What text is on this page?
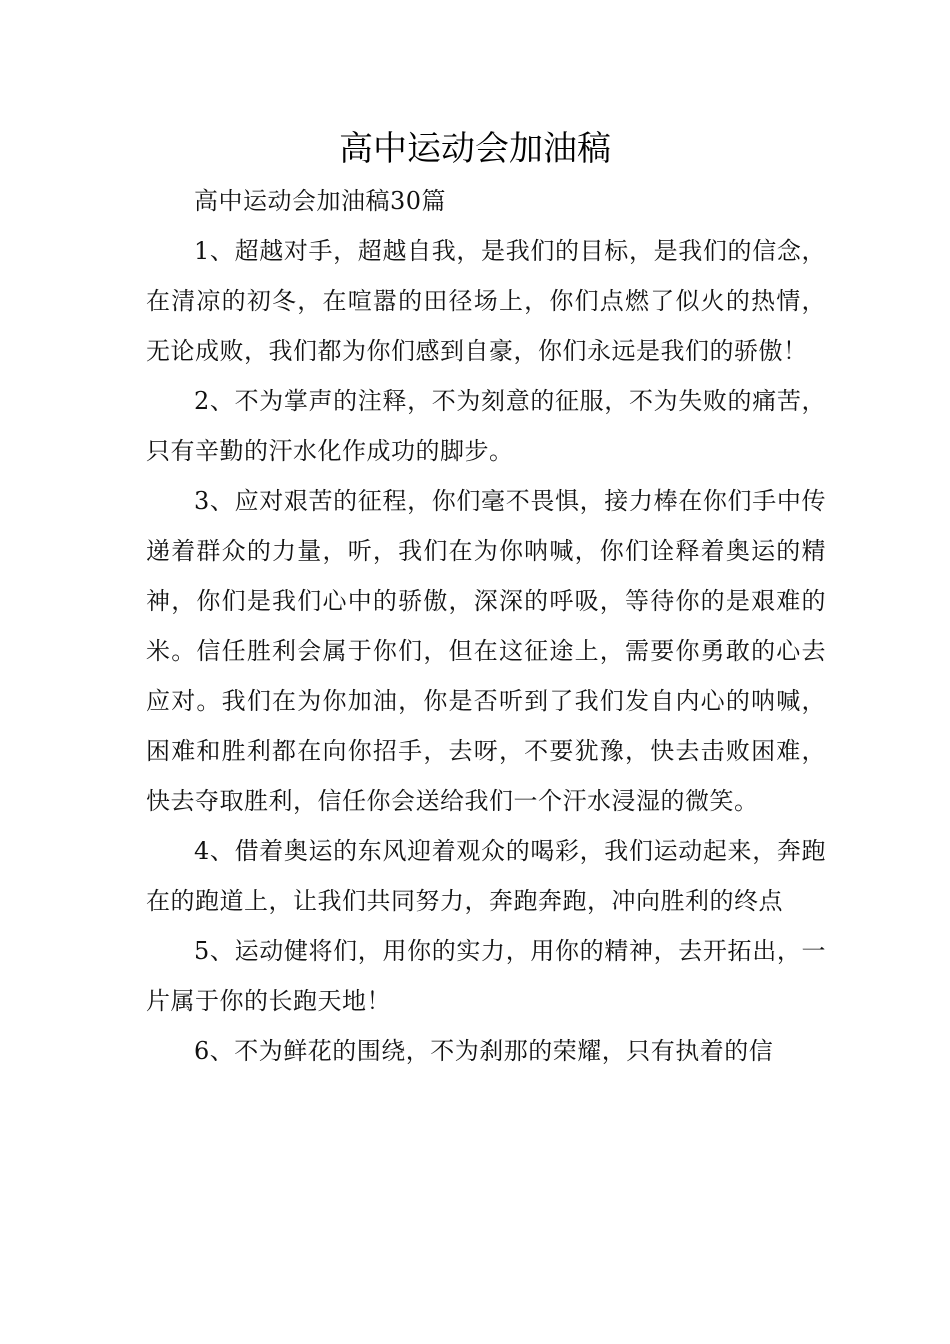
高中运动会加油稿

高中运动会加油稿30篇

1、超越对手，超越自我，是我们的目标，是我们的信念，在清凉的初冬，在喧嚣的田径场上，你们点燃了似火的热情，无论成败，我们都为你们感到自豪，你们永远是我们的骄傲！

2、不为掌声的注释，不为刻意的征服，不为失败的痛苦，只有辛勤的汗水化作成功的脚步。

3、应对艰苦的征程，你们毫不畏惧，接力棒在你们手中传递着群众的力量，听，我们在为你呐喊，你们诠释着奥运的精神，你们是我们心中的骄傲，深深的呼吸，等待你的是艰难的米。信任胜利会属于你们，但在这征途上，需要你勇敢的心去应对。我们在为你加油，你是否听到了我们发自内心的呐喊，困难和胜利都在向你招手，去呀，不要犹豫，快去击败困难，快去夺取胜利，信任你会送给我们一个汗水浸湿的微笑。

4、借着奥运的东风迎着观众的喝彩，我们运动起来，奔跑在的跑道上，让我们共同努力，奔跑奔跑，冲向胜利的终点

5、运动健将们，用你的实力，用你的精神，去开拓出，一片属于你的长跑天地！

6、不为鲜花的围绕，不为刹那的荣耀，只有执着的信
